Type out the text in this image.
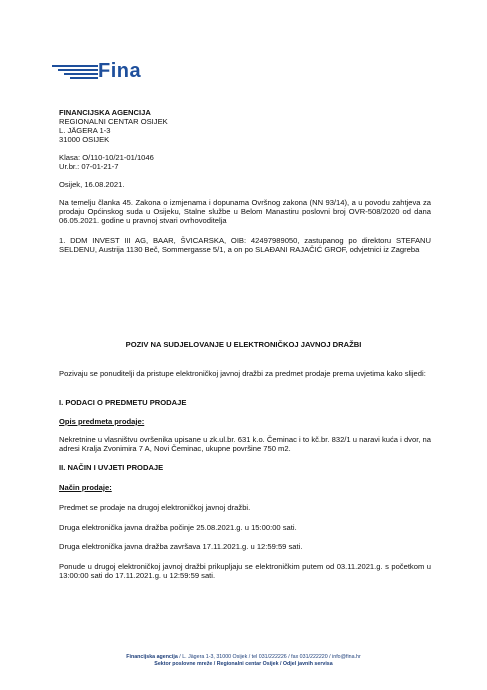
Fina
FINANCIJSKA AGENCIJA
REGIONALNI CENTAR OSIJEK
L. JÄGERA 1-3
31000 OSIJEK
Klasa: O/110-10/21-01/1046
Ur.br.: 07-01-21-7
Osijek, 16.08.2021.
Na temelju članka 45. Zakona o izmjenama i dopunama Ovršnog zakona (NN 93/14), a u povodu zahtjeva za prodaju Općinskog suda u Osijeku, Stalne službe u Belom Manastiru poslovni broj OVR-508/2020 od dana 06.05.2021. godine u pravnoj stvari ovrhovoditelja
1. DDM INVEST III AG, BAAR, ŠVICARSKA, OIB: 42497989050, zastupanog po direktoru STEFANU SELDENU, Austrija 1130 Beč, Sommergasse 5/1, a on po SLAĐANI RAJAČIĆ GROF, odvjetnici iz Zagreba
POZIV NA SUDJELOVANJE U ELEKTRONIČKOJ JAVNOJ DRAŽBI
Pozivaju se ponuditelji da pristupe elektroničkoj javnoj dražbi za predmet prodaje prema uvjetima kako slijedi:
I. PODACI O PREDMETU PRODAJE
Opis predmeta prodaje:
Nekretnine u vlasništvu ovršenika upisane u zk.ul.br. 631 k.o. Čeminac i to kč.br. 832/1 u naravi kuća i dvor, na adresi Kralja Zvonimira 7 A, Novi Čeminac, ukupne površine 750 m2.
II. NAČIN I UVJETI PRODAJE
Način prodaje:
Predmet se prodaje na drugoj elektroničkoj javnoj dražbi.
Druga elektronička javna dražba počinje 25.08.2021.g. u 15:00:00 sati.
Druga elektronička javna dražba završava 17.11.2021.g. u 12:59:59 sati.
Ponude u drugoj elektroničkoj javnoj dražbi prikupljaju se elektroničkim putem od 03.11.2021.g. s početkom u 13:00:00 sati do 17.11.2021.g. u 12:59:59 sati.
Financijska agencija / L. Jägera 1-3, 31000 Osijek / tel 031/222226 / fax 031/222220 / info@fina.hr
Sektor poslovne mreže / Regionalni centar Osijek / Odjel javnih servisa
